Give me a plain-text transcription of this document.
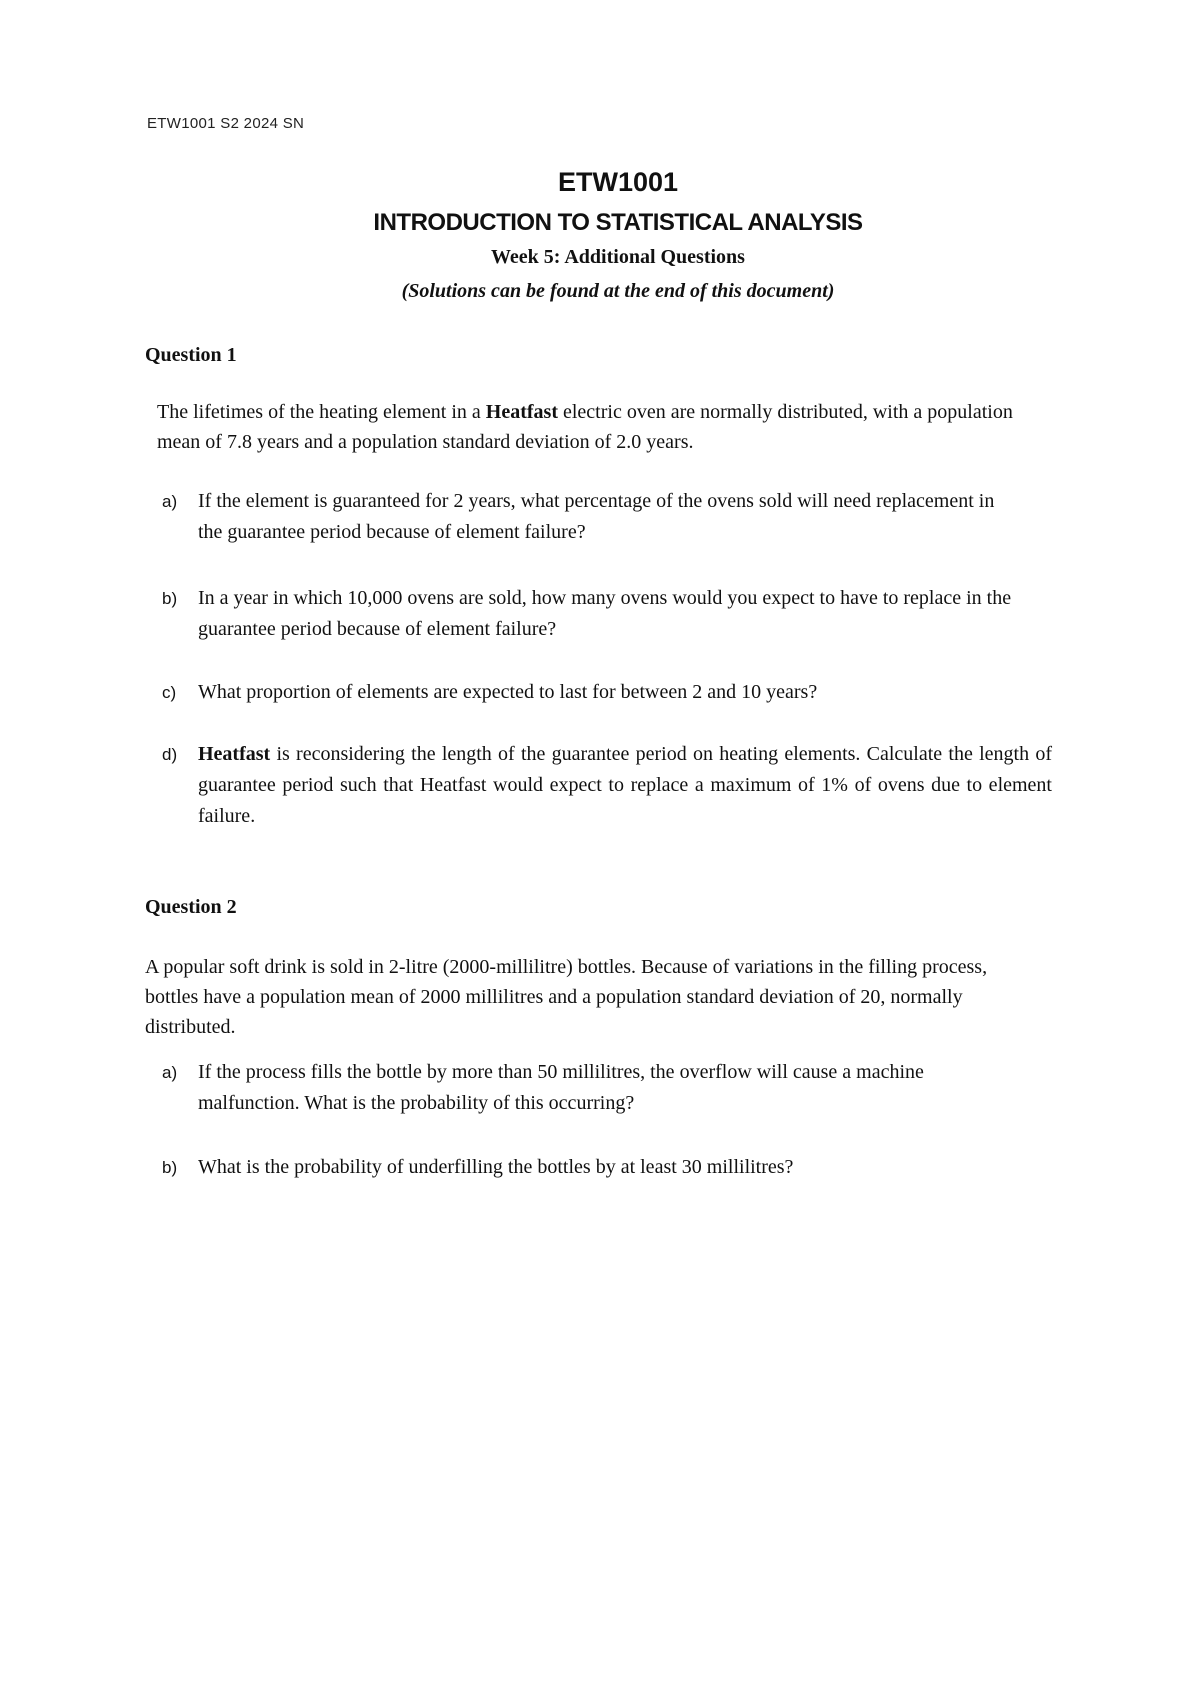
ETW1001 S2 2024 SN
ETW1001
INTRODUCTION TO STATISTICAL ANALYSIS
Week 5: Additional Questions
(Solutions can be found at the end of this document)
Question 1
The lifetimes of the heating element in a Heatfast electric oven are normally distributed, with a population mean of 7.8 years and a population standard deviation of 2.0 years.
a) If the element is guaranteed for 2 years, what percentage of the ovens sold will need replacement in the guarantee period because of element failure?
b) In a year in which 10,000 ovens are sold, how many ovens would you expect to have to replace in the guarantee period because of element failure?
c) What proportion of elements are expected to last for between 2 and 10 years?
d) Heatfast is reconsidering the length of the guarantee period on heating elements. Calculate the length of guarantee period such that Heatfast would expect to replace a maximum of 1% of ovens due to element failure.
Question 2
A popular soft drink is sold in 2-litre (2000-millilitre) bottles. Because of variations in the filling process, bottles have a population mean of 2000 millilitres and a population standard deviation of 20, normally distributed.
a) If the process fills the bottle by more than 50 millilitres, the overflow will cause a machine malfunction. What is the probability of this occurring?
b) What is the probability of underfilling the bottles by at least 30 millilitres?
